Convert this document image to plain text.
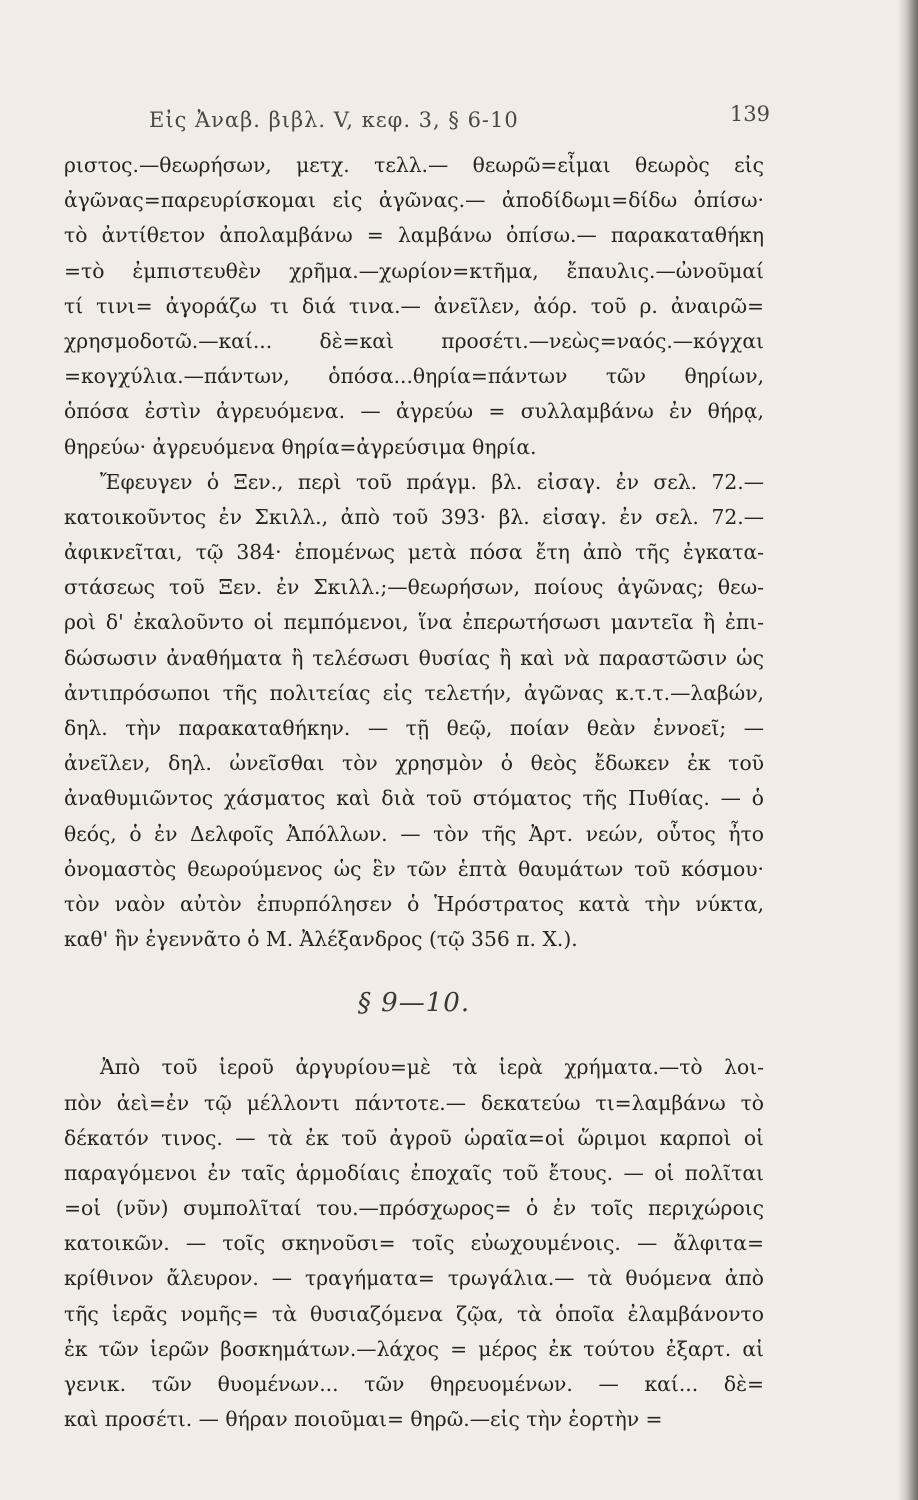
Εἰς Ἀναβ. βιβλ. V, κεφ. 3, § 6-10	139
ριστος.—θεωρήσων, μετχ. τελλ.— θεωρῶ=εἶμαι θεωρὸς εἰς
ἀγῶνας=παρευρίσκομαι εἰς ἀγῶνας.— ἀποδίδωμι=δίδω ὀπίσω·
τὸ ἀντίθετον ἀπολαμβάνω = λαμβάνω ὀπίσω.— παρακαταθήκη
=τὸ ἐμπιστευθὲν χρῆμα.—χωρίον=κτῆμα, ἔπαυλις.—ὠνοῦμαί
τί τινι= ἀγοράζω τι διά τινα.— ἀνεῖλεν, ἀόρ. τοῦ ρ. ἀναιρῶ=
χρησμοδοτῶ.—καί... δὲ=καὶ προσέτι.—νεὼς=ναός.—κόγχαι
=κογχύλια.—πάντων, ὁπόσα...θηρία=πάντων τῶν θηρίων,
ὁπόσα ἐστὶν ἀγρευόμενα. — ἀγρεύω = συλλαμβάνω ἐν θήρᾳ,
θηρεύω· ἀγρευόμενα θηρία=ἀγρεύσιμα θηρία.
Ἔφευγεν ὁ Ξεν., περὶ τοῦ πράγμ. βλ. εἰσαγ. ἐν σελ. 72.—
κατοικοῦντος ἐν Σκιλλ., ἀπὸ τοῦ 393· βλ. εἰσαγ. ἐν σελ. 72.—
ἀφικνεῖται, τῷ 384· ἑπομένως μετὰ πόσα ἔτη ἀπὸ τῆς ἐγκατα-
στάσεως τοῦ Ξεν. ἐν Σκιλλ.;—θεωρήσων, ποίους ἀγῶνας; θεω-
ροὶ δ' ἐκαλοῦντο οἱ πεμπόμενοι, ἵνα ἐπερωτήσωσι μαντεῖα ἢ ἐπι-
δώσωσιν ἀναθήματα ἢ τελέσωσι θυσίας ἢ καὶ νὰ παραστῶσιν ὡς
ἀντιπρόσωποι τῆς πολιτείας εἰς τελετήν, ἀγῶνας κ.τ.τ.—λαβών,
δηλ. τὴν παρακαταθήκην. — τῇ θεῷ, ποίαν θεὰν ἐννοεῖ; —
ἀνεῖλεν, δηλ. ὠνεῖσθαι τὸν χρησμὸν ὁ θεὸς ἔδωκεν ἐκ τοῦ
ἀναθυμιῶντος χάσματος καὶ διὰ τοῦ στόματος τῆς Πυθίας. — ὁ
θεός, ὁ ἐν Δελφοῖς Ἀπόλλων. — τὸν τῆς Ἀρτ. νεών, οὗτος ἦτο
ὀνομαστὸς θεωρούμενος ὡς ἓν τῶν ἑπτὰ θαυμάτων τοῦ κόσμου·
τὸν ναὸν αὐτὸν ἐπυρπόλησεν ὁ Ἡρόστρατος κατὰ τὴν νύκτα,
καθ' ἣν ἐγεννᾶτο ὁ Μ. Ἀλέξανδρος (τῷ 356 π. Χ.).
§ 9—10.
Ἀπὸ τοῦ ἱεροῦ ἀργυρίου=μὲ τὰ ἱερὰ χρήματα.—τὸ λοι-
πὸν ἀεὶ=ἐν τῷ μέλλοντι πάντοτε.— δεκατεύω τι=λαμβάνω τὸ
δέκατόν τινος. — τὰ ἐκ τοῦ ἀγροῦ ὡραῖα=οἱ ὥριμοι καρποὶ οἱ
παραγόμενοι ἐν ταῖς ἁρμοδίαις ἐποχαῖς τοῦ ἔτους. — οἱ πολῖται
=οἱ (νῦν) συμπολῖταί του.—πρόσχωρος= ὁ ἐν τοῖς περιχώροις
κατοικῶν. — τοῖς σκηνοῦσι= τοῖς εὐωχουμένοις. — ἄλφιτα=
κρίθινον ἄλευρον. — τραγήματα= τρωγάλια.— τὰ θυόμενα ἀπὸ
τῆς ἱερᾶς νομῆς= τὰ θυσιαζόμενα ζῷα, τὰ ὁποῖα ἐλαμβάνοντο
ἐκ τῶν ἱερῶν βοσκημάτων.—λάχος = μέρος ἐκ τούτου ἐξαρτ. αἱ
γενικ. τῶν θυομένων... τῶν θηρευομένων. — καί... δὲ=
καὶ προσέτι. — θήραν ποιοῦμαι= θηρῶ.—εἰς τὴν ἑορτὴν =
